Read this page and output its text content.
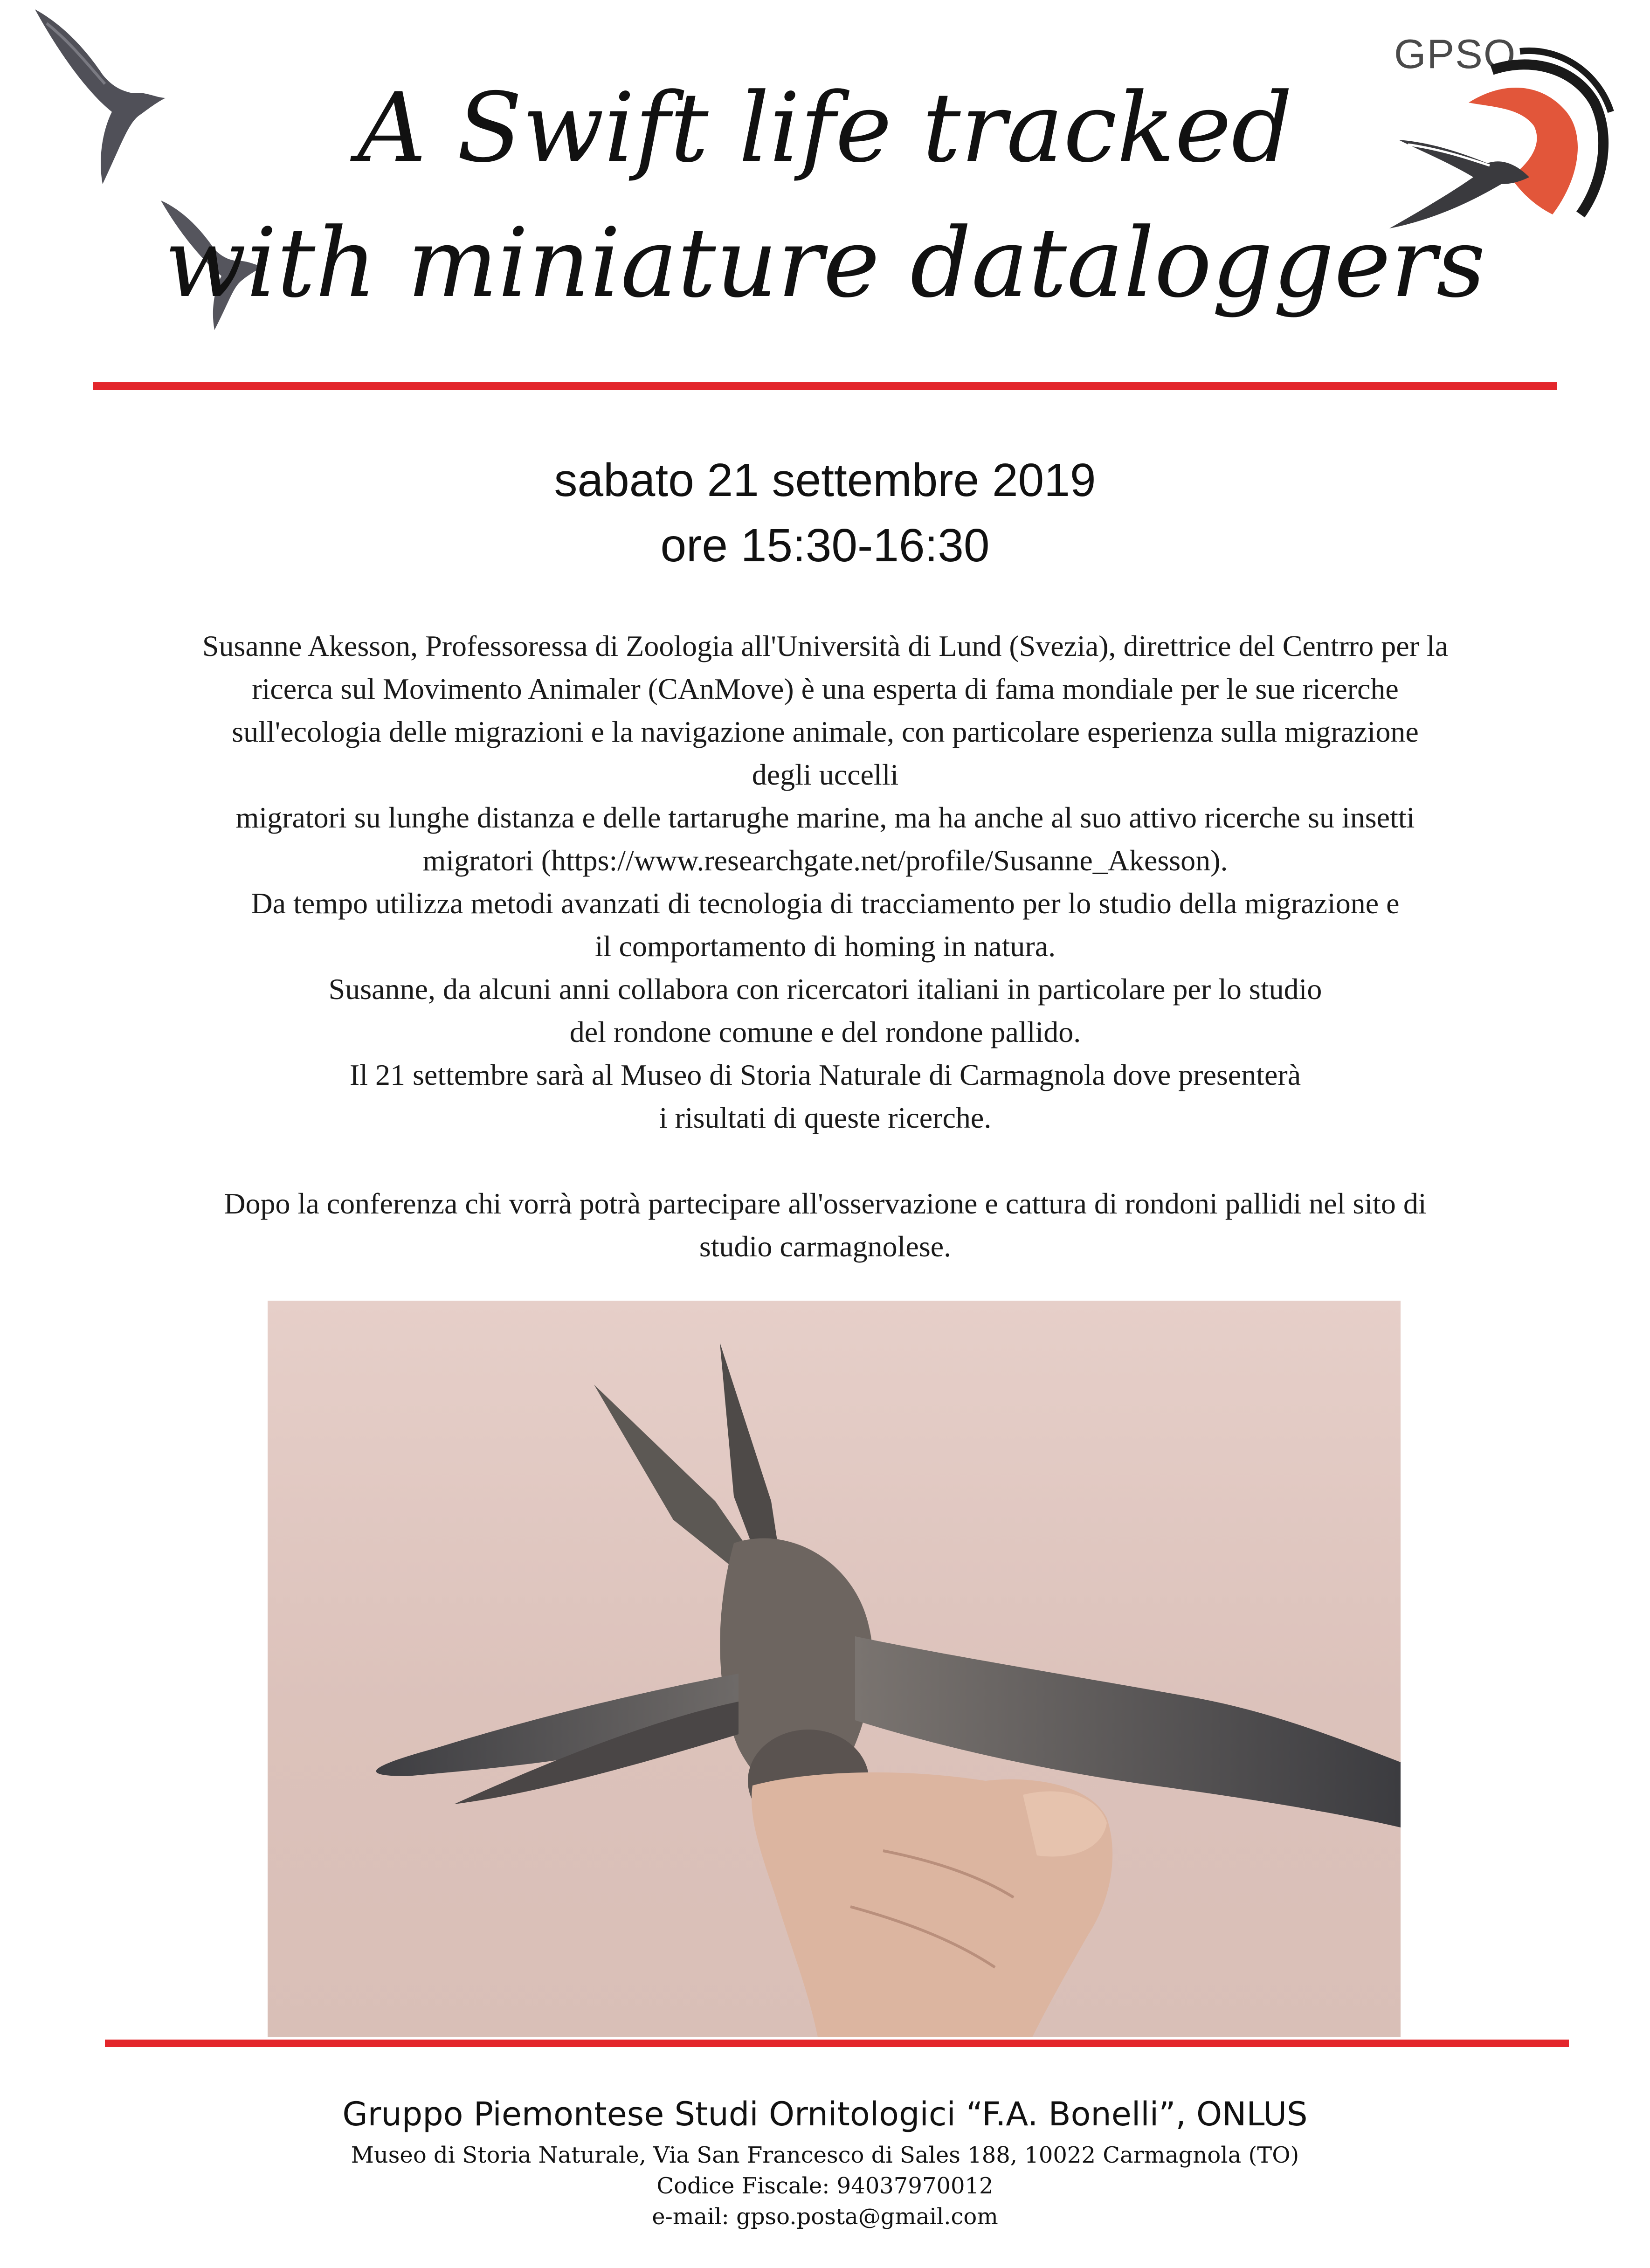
GPSO
A Swift life tracked
with miniature dataloggers
sabato 21 settembre 2019
ore 15:30-16:30
Susanne Akesson, Professoressa di Zoologia all'Università di Lund (Svezia), direttrice del Centrro per la
ricerca sul Movimento Animaler (CAnMove) è una esperta di fama mondiale per le sue ricerche
sull'ecologia delle migrazioni e la navigazione animale, con particolare esperienza sulla migrazione
degli uccelli
migratori su lunghe distanza e delle tartarughe marine, ma ha anche al suo attivo ricerche su insetti
migratori (https://www.researchgate.net/profile/Susanne_Akesson).
Da tempo utilizza metodi avanzati di tecnologia di tracciamento per lo studio della migrazione e
il comportamento di homing in natura.
Susanne, da alcuni anni collabora con ricercatori italiani in particolare per lo studio
del rondone comune e del rondone pallido.
Il 21 settembre sarà al Museo di Storia Naturale di Carmagnola dove presenterà
i risultati di queste ricerche.
Dopo la conferenza chi vorrà potrà partecipare all'osservazione e cattura di rondoni pallidi nel sito di
studio carmagnolese.
Gruppo Piemontese Studi Ornitologici “F.A. Bonelli”, ONLUS
Museo di Storia Naturale, Via San Francesco di Sales 188, 10022 Carmagnola (TO)
Codice Fiscale: 94037970012
e-mail: gpso.posta@gmail.com
